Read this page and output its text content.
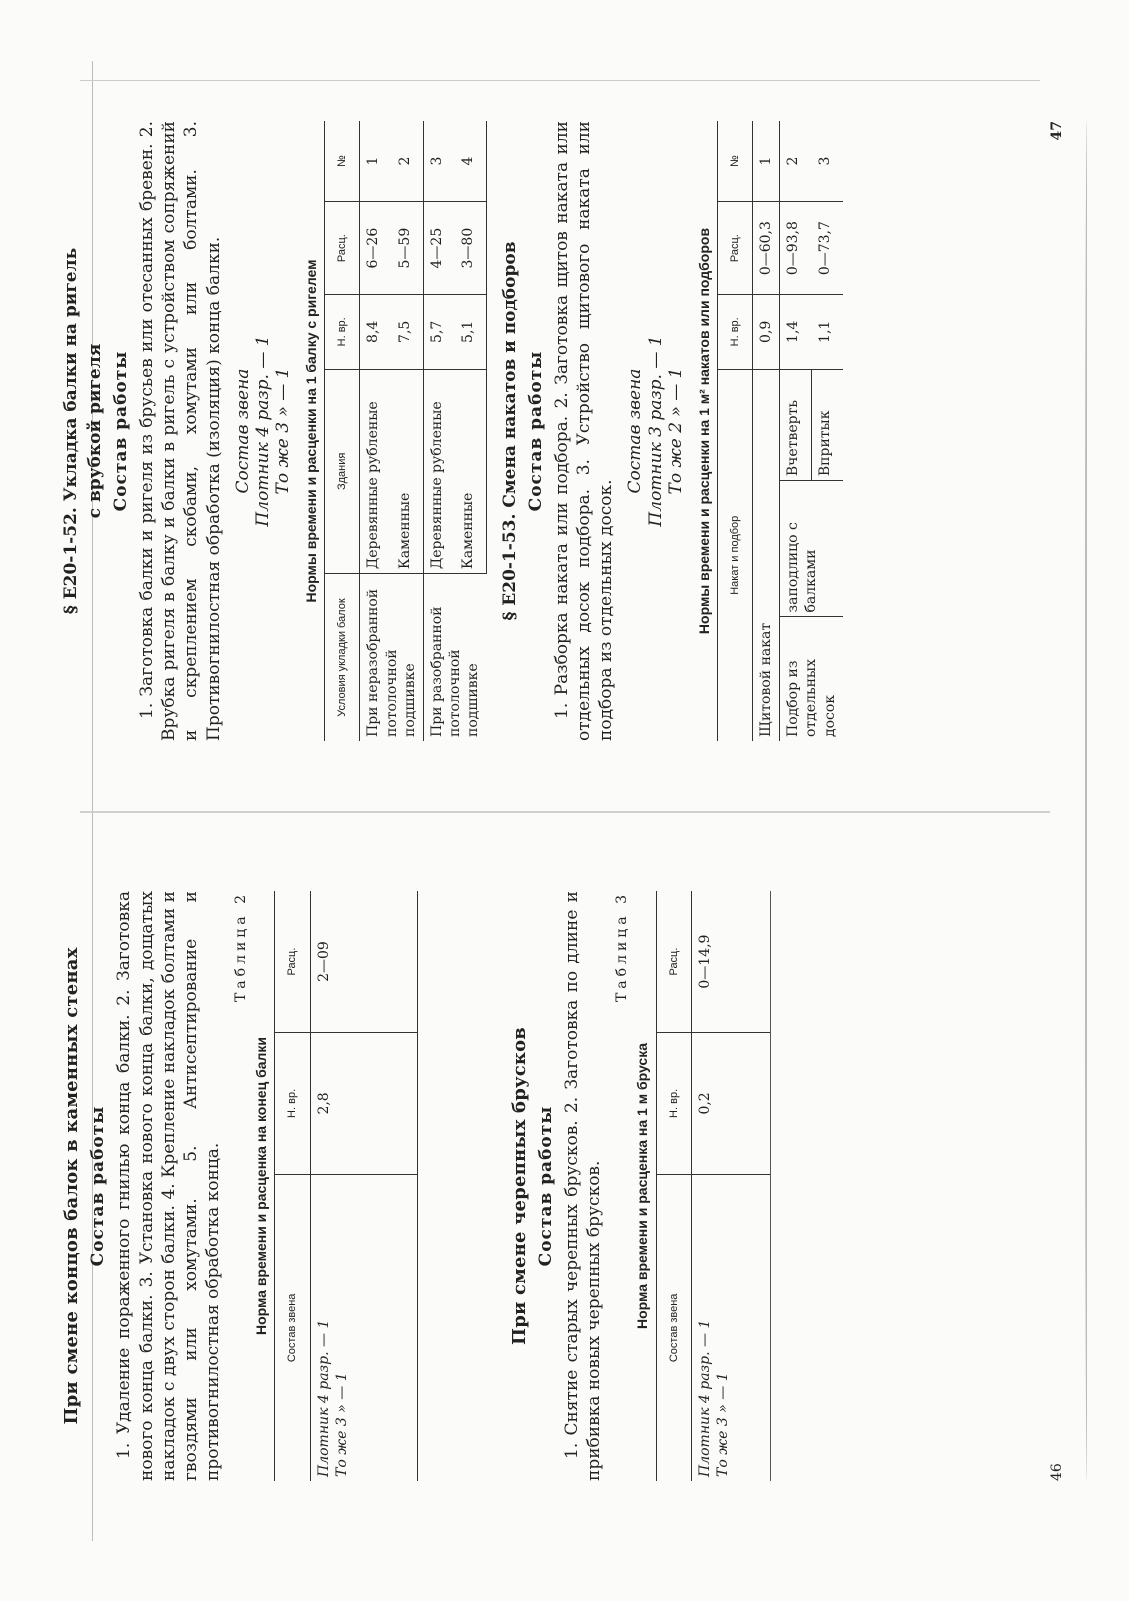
При смене концов балок в каменных стенах Состав работы 1. Удаление пораженного гнилью конца балки. 2. Заготовка нового конца балки. 3. Установка нового конца балки, дощатых накладок с двух сторон балки. 4. Крепление накладок болтами и гвоздями или хомутами. 5. Антисептирование и противогнилостная обработка конца.

Таблица 2
Норма времени и расценка на конец балки Состав звена	Н. вр.	Расц.

Плотник 4 разр. — 1 То же 3 » — 1	2,8	2—09

При смене черепных брусков Состав работы 1. Снятие старых черепных брусков. 2. Заготовка по длине и прибивка новых черепных брусков.

Таблица 3
Норма времени и расценка на 1 м бруска Состав звена	Н. вр.	Расц.

Плотник 4 разр. — 1 То же 3 » — 1	0,2	0—14,9
46
§ Е20-1-52. Укладка балки на ригель с врубкой ригеля Состав работы 1. Заготовка балки и ригеля из брусьев или отесанных бревен. 2. Врубка ригеля в балку и балки в ригель с устройством сопряжений и скреплением скобами, хомутами или болтами. 3. Противогнилостная обработка (изоляция) конца балки. Состав звена Плотник 4 разр. — 1 То же 3 » — 1 Нормы времени и расценки на 1 балку с ригелем
Условия укладки балок	Здания	Н. вр.	Расц.	№
При неразобранной потолочной подшивке	Деревянные рубленые	8,4	6—26	1
	Каменные	7,5	5—59	2
При разобранной потолочной подшивке	Деревянные рубленые	5,7	4—25	3
	Каменные	5,1	3—80	4
§ Е20-1-53. Смена накатов и подборов Состав работы 1. Разборка наката или подбора. 2. Заготовка щитов наката или отдельных досок подбора. 3. Устройство щитового наката или подбора из отдельных досок.

Состав звена Плотник 3 разр. — 1 То же 2 » — 1 Нормы времени и расценки на 1 м² накатов или подборов Накат и подбор			Н. вр.	Расц.	№
Щитовой накат			0,9	0—60,3	1
Подбор из отдельных досок	заподлицо с балками	Вчетверть	1,4	0—93,8	2
		Впритык	1,1	0—73,7	3
47
